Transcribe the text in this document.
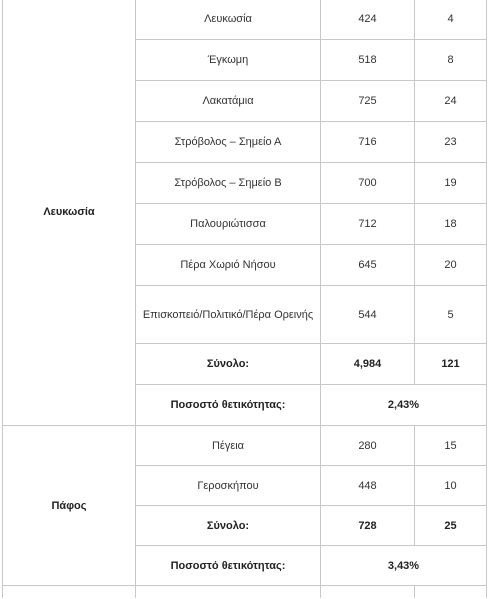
Λευκωσία	Λευκωσία	424	4
	Έγκωμη	518	8
	Λακατάμια	725	24
	Στρόβολος – Σημείο Α	716	23
	Στρόβολος – Σημείο Β	700	19
	Παλουριώτισσα	712	18
	Πέρα Χωριό Νήσου	645	20
	Επισκοπειό/Πολιτικό/Πέρα Ορεινής	544	5
	Σύνολο:	4,984	121
	Ποσοστό θετικότητας:	2,43%	
Πάφος	Πέγεια	280	15
	Γεροσκήπου	448	10
	Σύνολο:	728	25
	Ποσοστό θετικότητας:	3,43%	
